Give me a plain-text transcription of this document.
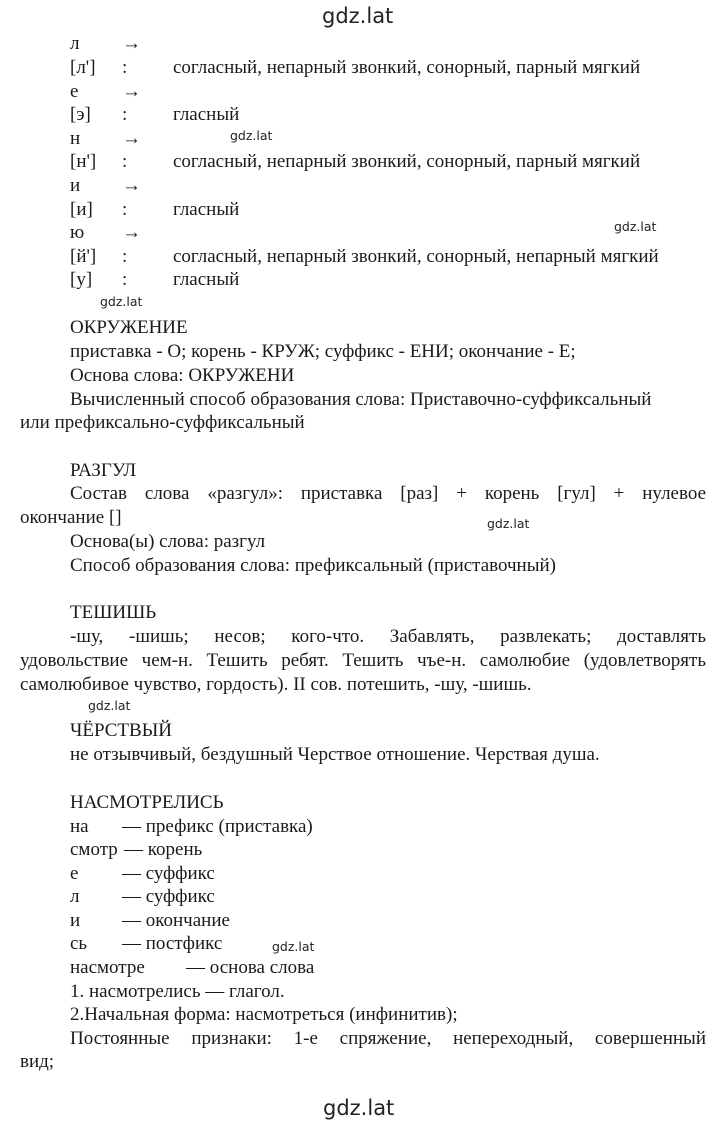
gdz.lat
gdz.lat
gdz.lat
gdz.lat
gdz.lat
gdz.lat
gdz.lat
gdz.lat
л →
[л'] : согласный, непарный звонкий, сонорный, парный мягкий
е →
[э] : гласный
н →
[н'] : согласный, непарный звонкий, сонорный, парный мягкий
и →
[и] : гласный
ю →
[й'] : согласный, непарный звонкий, сонорный, непарный мягкий
[у] : гласный
ОКРУЖЕНИЕ
приставка - О; корень - КРУЖ; суффикс - ЕНИ; окончание - Е;
Основа слова: ОКРУЖЕНИ
Вычисленный способ образования слова: Приставочно-суффиксальный
или префиксально-суффиксальный
РАЗГУЛ
Состав слова «разгул»: приставка [раз] + корень [гул] + нулевое
окончание []
Основа(ы) слова: разгул
Способ образования слова: префиксальный (приставочный)
ТЕШИШЬ
-шу, -шишь; несов; кого-что. Забавлять, развлекать; доставлять
удовольствие чем-н. Тешить ребят. Тешить чъе-н. самолюбие (удовлетворять
самолюбивое чувство, гордость). II сов. потешить, -шу, -шишь.
ЧЁРСТВЫЙ
не отзывчивый, бездушный Черствое отношение. Черствая душа.
НАСМОТРЕЛИСЬ
на — префикс (приставка)
смотр — корень
е — суффикс
л — суффикс
и — окончание
сь — постфикс
насмотре — основа слова
1. насмотрелись — глагол.
2.Начальная форма: насмотреться (инфинитив);
Постоянные признаки: 1-е спряжение, непереходный, совершенный
вид;
